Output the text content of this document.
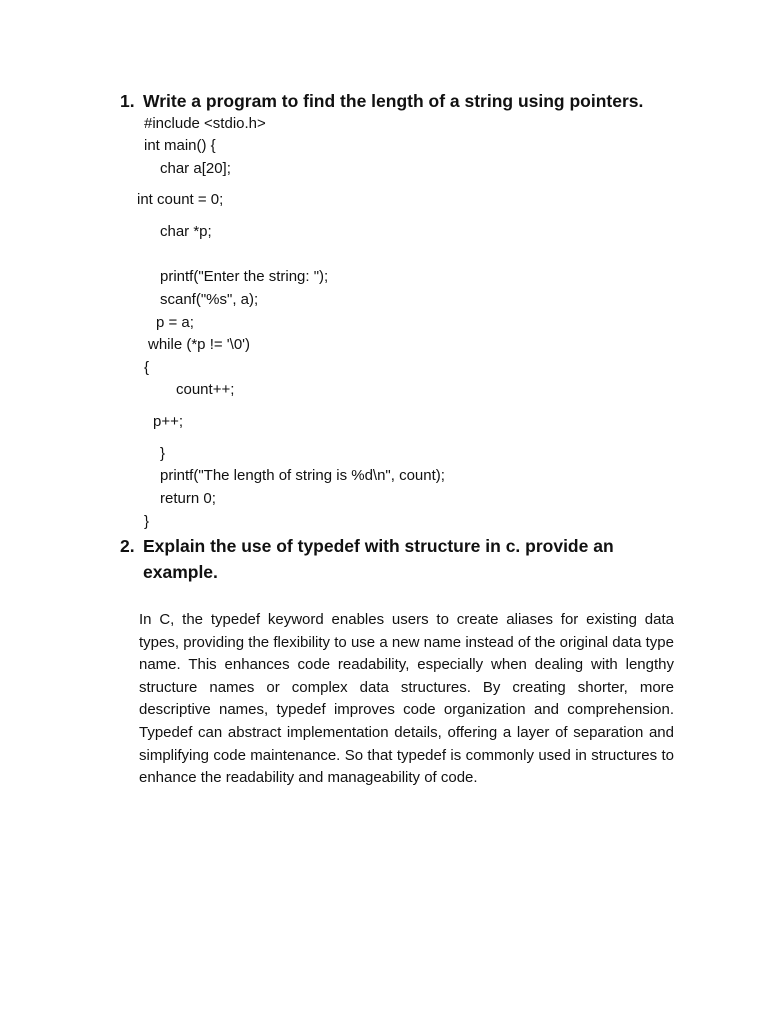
1. Write a program to find the length of a string using pointers.
#include <stdio.h>
int main() {
char a[20];
int count = 0;
char *p;
printf("Enter the string: ");
scanf("%s", a);
p = a;
while (*p != '\0')
{
count++;
p++;
}
printf("The length of string is %d\n", count);
return 0;
}
2. Explain the use of typedef with structure in c. provide an example.
In C, the typedef keyword enables users to create aliases for existing data types, providing the flexibility to use a new name instead of the original data type name. This enhances code readability, especially when dealing with lengthy structure names or complex data structures. By creating shorter, more descriptive names, typedef improves code organization and comprehension. Typedef can abstract implementation details, offering a layer of separation and simplifying code maintenance. So that typedef is commonly used in structures to enhance the readability and manageability of code.
